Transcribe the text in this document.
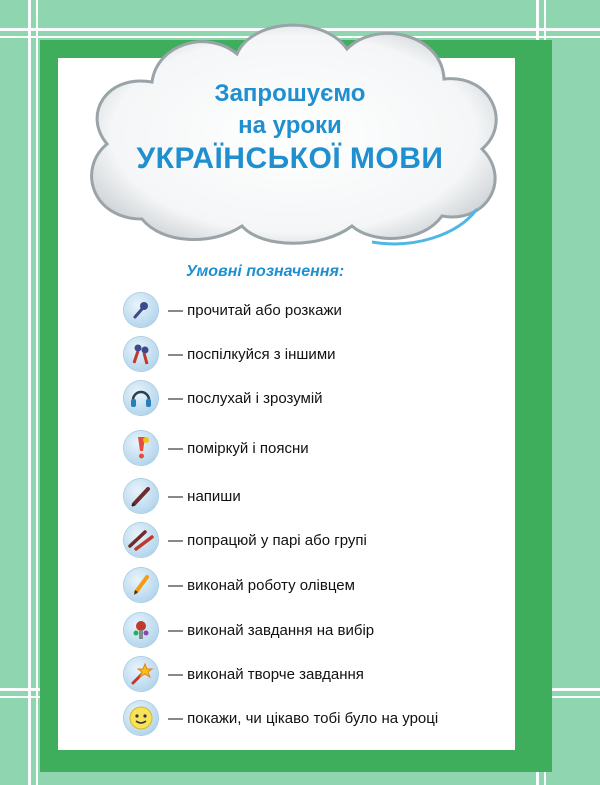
Запрошуємо
на уроки
УКРАЇНСЬКОЇ МОВИ
Умовні позначення:
— прочитай або розкажи
— поспілкуйся з іншими
— послухай і зрозумій
— поміркуй і поясни
— напиши
— попрацюй у парі або групі
— виконай роботу олівцем
— виконай завдання на вибір
— виконай творче завдання
— покажи, чи цікаво тобі було на уроці
